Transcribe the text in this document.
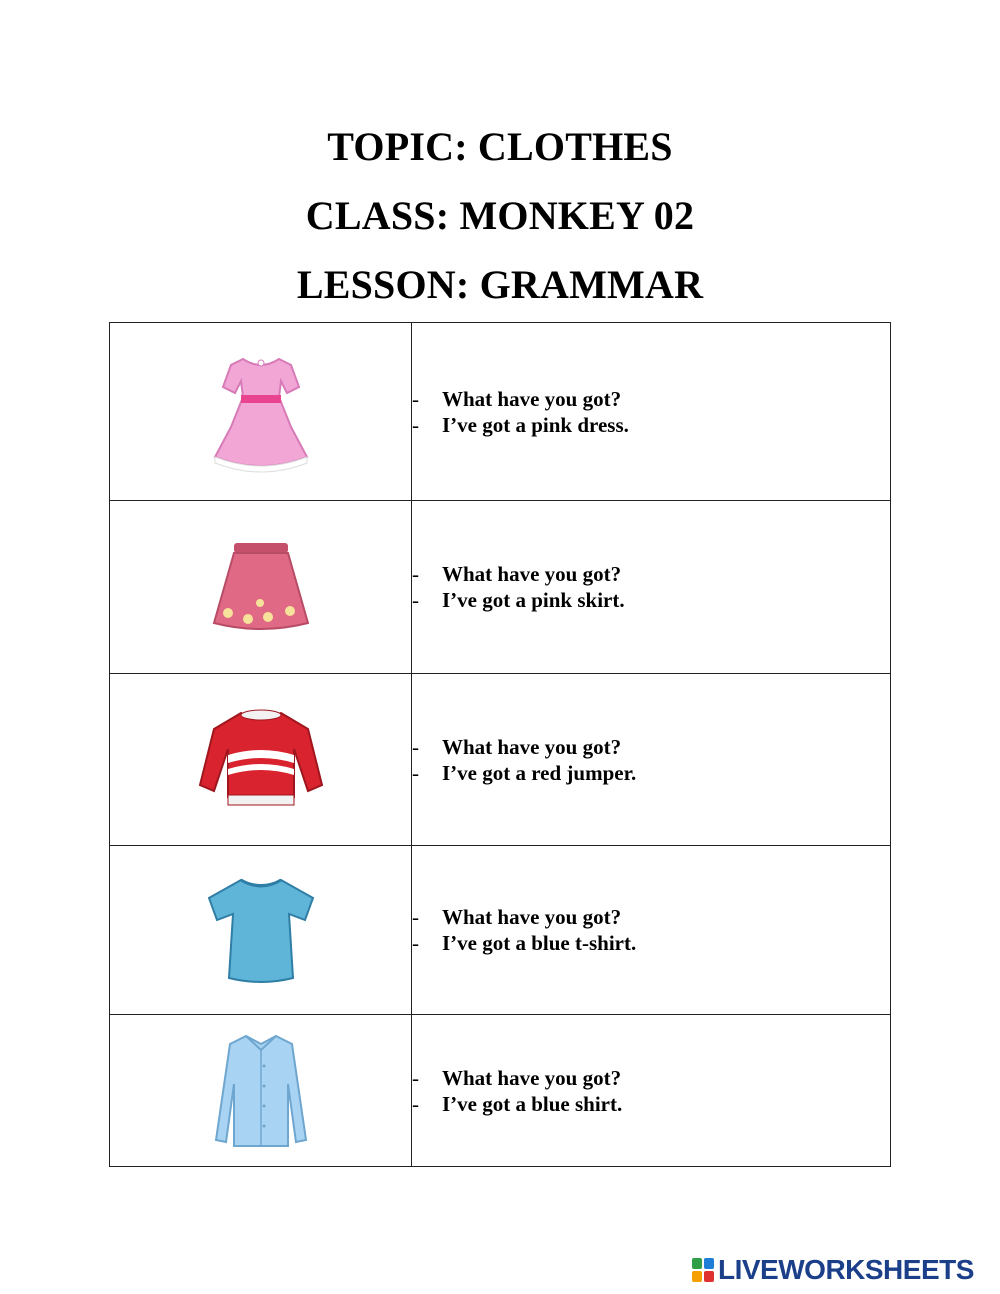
TOPIC: CLOTHES
CLASS: MONKEY 02
LESSON: GRAMMAR

- What have you got?
- I’ve got a pink dress.

- What have you got?
- I’ve got a pink skirt.

- What have you got?
- I’ve got a red jumper.

- What have you got?
- I’ve got a blue t-shirt.

- What have you got?
- I’ve got a blue shirt.
LIVEWORKSHEETS
